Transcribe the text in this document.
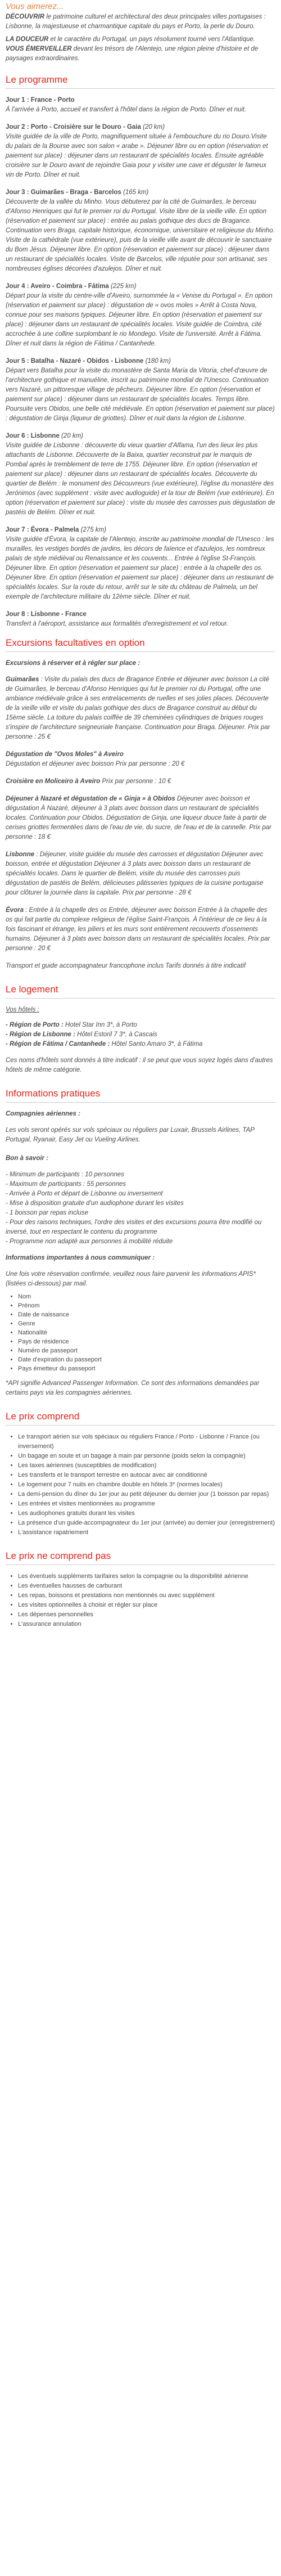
Vous aimerez...

DÉCOUVRIR le patrimoine culturel et architectural des deux principales villes portugaises : Lisbonne, la majestueuse et charmantique capitale du pays et Porto, la perle du Douro.

LA DOUCEUR et le caractère du Portugal, un pays résolument tourné vers l'Atlantique.

VOUS ÉMERVEILLER devant les trésors de l'Alentejo, une région pleine d'histoire et de paysages extraordinaires.

Le programme
Jour 1 : France - Porto
À l'arrivée à Porto, accueil et transfert à l'hôtel dans la région de Porto. Dîner et nuit.
Jour 2 : Porto - Croisière sur le Douro - Gaia (20 km)
Visite guidée de la ville de Porto, magnifiquement située à l'embouchure du rio Douro.Visite du palais de la Bourse avec son salon « arabe ». Déjeuner libre ou en option (réservation et paiement sur place) : déjeuner dans un restaurant de spécialités locales. Ensuite agréable croisière sur le Douro avant de rejoindre Gaia pour y visiter une cave et déguster le fameux vin de Porto. Dîner et nuit.
Jour 3 : Guimarães - Braga - Barcelos (165 km)
Découverte de la vallée du Minho. Vous débuterez par la cité de Guimarães, le berceau d'Afonso Henriques qui fut le premier roi du Portugal. Visite libre de la vieille ville. En option (réservation et paiement sur place) : entrée au palais gothique des ducs de Bragance. Continuation vers Braga, capitale historique, économique, universitaire et religieuse du Minho. Visite de la cathédrale (vue extérieure), puis de la vieille ville avant de découvrir le sanctuaire du Bom Jésus. Déjeuner libre. En option (réservation et paiement sur place) : déjeuner dans un restaurant de spécialités locales. Visite de Barcelos, ville réputée pour son artisanat, ses nombreuses églises décorées d'azulejos. Dîner et nuit.
Jour 4 : Aveiro - Coimbra - Fátima (225 km)
Départ pour la visite du centre-ville d'Aveiro, surnommée la « Venise du Portugal ». En option (réservation et paiement sur place) : dégustation de « ovos moles » Arrêt à Costa Nova, connue pour ses maisons typiques. Déjeuner libre. En option (réservation et paiement sur place) : déjeuner dans un restaurant de spécialités locales. Visite guidée de Coimbra, cité accrochée à une colline surplombant le rio Mondego. Visite de l'université. Arrêt à Fátima. Dîner et nuit dans la région de Fátima / Cantanhede.
Jour 5 : Batalha - Nazaré - Obidos - Lisbonne (180 km)
Départ vers Batalha pour la visite du monastère de Santa Maria da Vitoria, chef-d'œuvre de l'architecture gothique et manuéline, inscrit au patrimoine mondial de l'Unesco. Continuation vers Nazaré, un pittoresque village de pêcheurs. Déjeuner libre. En option (réservation et paiement sur place) : déjeuner dans un restaurant de spécialités locales. Temps libre. Poursuite vers Obidos, une belle cité médiévale. En option (réservation et paiement sur place) : dégustation de Ginja (liqueur de griottes). Dîner et nuit dans la région de Lisbonne.
Jour 6 : Lisbonne (20 km)
Visite guidée de Lisbonne : découverte du vieux quartier d'Alfama, l'un des lieux les plus attachants de Lisbonne. Découverte de la Baixa, quartier reconstruit par le marquis de Pombal après le tremblement de terre de 1755. Déjeuner libre. En option (réservation et paiement sur place) : déjeuner dans un restaurant de spécialités locales. Découverte du quartier de Belém : le monument des Découvreurs (vue extérieure), l'église du monastère des Jerónimos (avec supplément : visite avec audioguide) et la tour de Belém (vue extérieure). En option (réservation et paiement sur place) : visite du musée des carrosses puis dégustation de pastéis de Belém. Dîner et nuit.
Jour 7 : Évora - Palmela (275 km)
Visite guidée d'Évora, la capitale de l'Alentejo, inscrite au patrimoine mondial de l'Unesco : les murailles, les vestiges bordés de jardins, les décors de faïence et d'azulejos, les nombreux palais de style médiéval ou Renaissance et les couvents... Entrée à l'église St-François. Déjeuner libre. En option (réservation et paiement sur place) : entrée à la chapelle des os. Déjeuner libre. En option (réservation et paiement sur place) : déjeuner dans un restaurant de spécialités locales. Sur la route du retour, arrêt sur le site du château de Palmela, un bel exemple de l'architecture militaire du 12ème siècle. Dîner et nuit.
Jour 8 : Lisbonne - France
Transfert à l'aéroport, assistance aux formalités d'enregistrement et vol retour.
Excursions facultatives en option
Excursions à réserver et à régler sur place :
Guimarães : Visite du palais des ducs de Bragance Entrée et déjeuner avec boisson La cité de Guimarães, le berceau d'Afonso Henriques qui fut le premier roi du Portugal, offre une ambiance médiévale grâce à ses entrelacements de ruelles et ses jolies places. Découverte de la vieille ville et visite du palais gothique des ducs de Bragance construit au début du 15ème siècle. La toiture du palais coiffée de 39 cheminées cylindriques de briques rouges s'inspire de l'architecture seigneuriale française. Continuation pour Braga. Déjeuner. Prix par personne : 25 €
Dégustation de "Ovos Moles" à Aveiro
Dégustation et déjeuner avec boisson Prix par personne : 20 €
Croisière en Moliceiro à Aveiro Prix par personne : 10 €
Déjeuner à Nazaré et dégustation de « Ginja » à Obidos Déjeuner avec boisson et dégustation À Nazaré, déjeuner à 3 plats avec boisson dans un restaurant de spécialités locales. Continuation pour Obidos. Dégustation de Ginja, une liqueur douce faite à partir de cerises griottes fermentées dans de l'eau de vie, du sucre, de l'eau et de la cannelle. Prix par personne : 18 €
Lisbonne : Déjeuner, visite guidée du musée des carrosses et dégustation Déjeuner avec boisson, entrée et dégustation Déjeuner à 3 plats avec boisson dans un restaurant de spécialités locales. Dans le quartier de Belém, visite du musée des carrosses puis dégustation de pastéis de Belém, délicieuses pâtisseries typiques de la cuisine portugaise pour clôturer la journée dans la capitale. Prix par personne : 28 €
Évora : Entrée à la chapelle des os Entrée, déjeuner avec boisson Entrée à la chapelle des os qui fait partie du complexe religieux de l'église Saint-François. À l'intérieur de ce lieu à la fois fascinant et étrange, les piliers et les murs sont entièrement recouverts d'ossements humains. Déjeuner à 3 plats avec boisson dans un restaurant de spécialités locales. Prix par personne : 20 €

Transport et guide accompagnateur francophone inclus Tarifs donnés à titre indicatif

Le logement

Vos hôtels :

- Région de Porto : Hotel Star Inn 3*, à Porto
- Région de Lisbonne : Hôtel Estoril 7 3*, à Cascais
- Région de Fátima / Cantanhede : Hôtel Santo Amaro 3*, à Fátima

Ces noms d'hôtels sont donnés à titre indicatif : il se peut que vous soyez logés dans d'autres hôtels de même catégorie.

Informations pratiques
Compagnies aériennes :

Les vols seront opérés sur vols spéciaux ou réguliers par Luxair, Brussels Airlines, TAP Portugal, Ryanair, Easy Jet ou Vueling Airlines.

Bon à savoir :
- Minimum de participants : 10 personnes
- Maximum de participants : 55 personnes
- Arrivée à Porto et départ de Lisbonne ou inversement
- Mise à disposition gratuite d'un audiophone durant les visites
- 1 boisson par repas incluse
- Pour des raisons techniques, l'ordre des visites et des excursions pourra être modifié ou inversé, tout en respectant le contenu du programme
- Programme non adapté aux personnes à mobilité réduite
Informations importantes à nous communiquer :

Une fois votre réservation confirmée, veuillez nous faire parvenir les informations APIS* (listées ci-dessous) par mail.

• Nom
• Prénom
• Date de naissance
• Genre
• Nationalité
• Pays de résidence
• Numéro de passeport
• Date d'expiration du passeport
• Pays émetteur du passeport

*API signifie Advanced Passenger Information. Ce sont des informations demandées par certains pays via les compagnies aériennes.

Le prix comprend
• Le transport aérien sur vols spéciaux ou réguliers France / Porto - Lisbonne / France (ou inversement)
• Un bagage en soute et un bagage à main par personne (poids selon la compagnie)
• Les taxes aériennes (susceptibles de modification)
• Les transferts et le transport terrestre en autocar avec air conditionné
• Le logement pour 7 nuits en chambre double en hôtels 3* (normes locales)
• La demi-pension du dîner du 1er jour au petit déjeuner du dernier jour (1 boisson par repas)
• Les entrées et visites mentionnées au programme
• Les audiophones gratuits durant les visites
• La présence d'un guide-accompagnateur du 1er jour (arrivée) au dernier jour (enregistrement)
• L'assistance rapatriement
Le prix ne comprend pas
• Les éventuels suppléments tarifaires selon la compagnie ou la disponibilité aérienne
• Les éventuelles hausses de carburant
• Les repas, boissons et prestations non mentionnés ou avec supplément
• Les visites optionnelles à choisir et régler sur place
• Les dépenses personnelles
• L'assurance annulation
